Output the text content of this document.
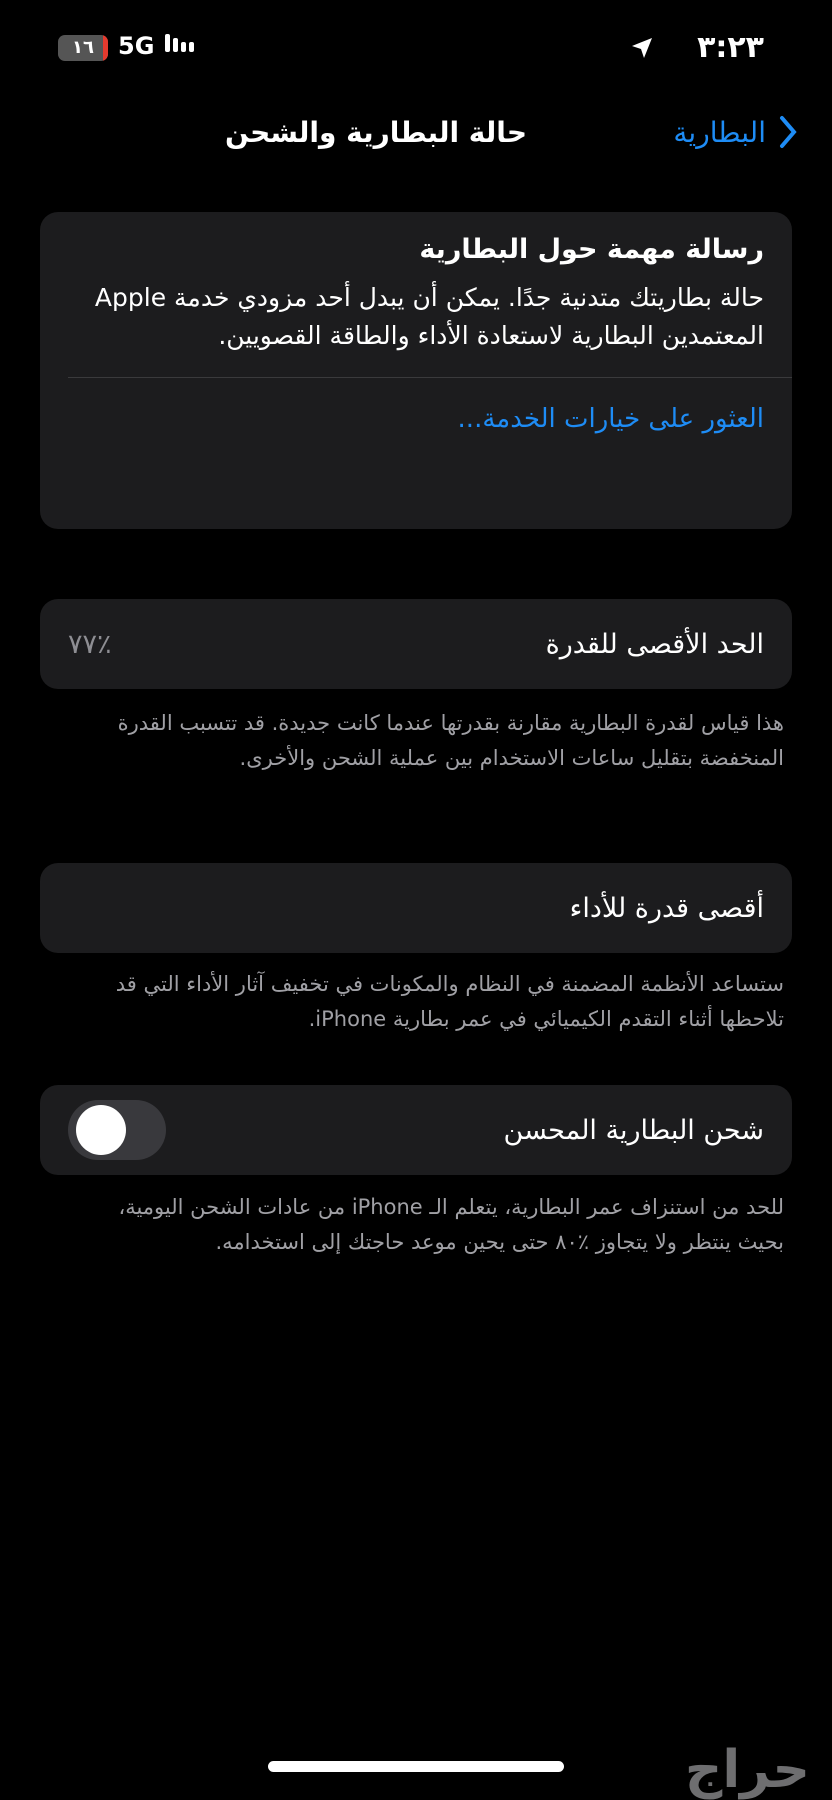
١٦	5G	٣:٢٣
البطارية
حالة البطارية والشحن
رسالة مهمة حول البطارية

حالة بطاريتك متدنية جدًا. يمكن أن يبدل أحد مزودي خدمة Apple المعتمدين البطارية لاستعادة الأداء والطاقة القصويين.

العثور على خيارات الخدمة...
الحد الأقصى للقدرة
٪٧٧
هذا قياس لقدرة البطارية مقارنة بقدرتها عندما كانت جديدة. قد تتسبب القدرة المنخفضة بتقليل ساعات الاستخدام بين عملية الشحن والأخرى.
أقصى قدرة للأداء
ستساعد الأنظمة المضمنة في النظام والمكونات في تخفيف آثار الأداء التي قد تلاحظها أثناء التقدم الكيميائي في عمر بطارية iPhone.
شحن البطارية المحسن
للحد من استنزاف عمر البطارية، يتعلم الـ iPhone من عادات الشحن اليومية، بحيث ينتظر ولا يتجاوز ٪٨٠ حتى يحين موعد حاجتك إلى استخدامه.
حراج
